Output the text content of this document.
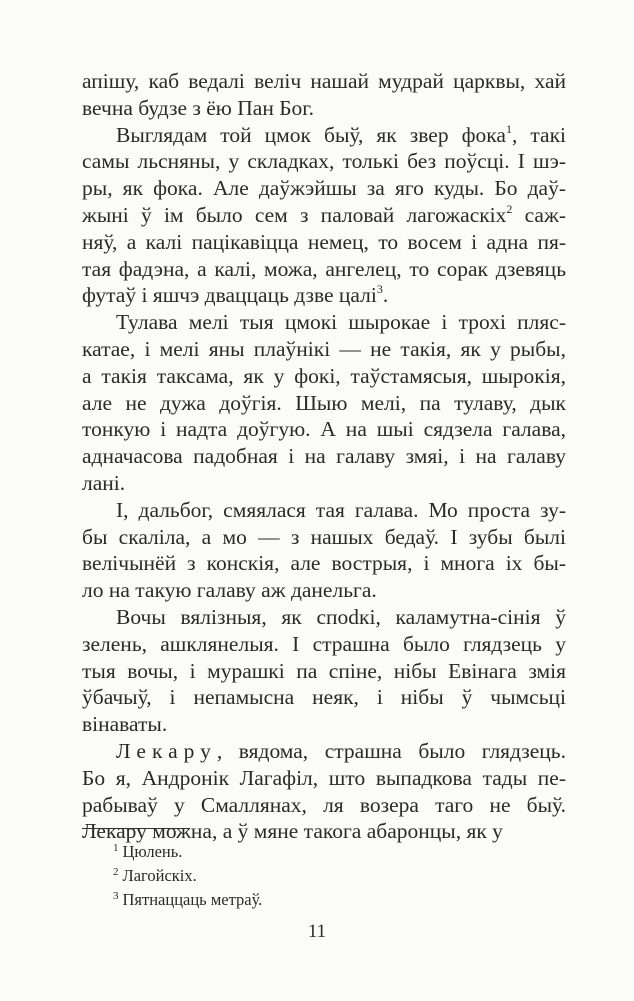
апішу, каб ведалі веліч нашай мудрай царквы, хай
вечна будзе з ёю Пан Бог.
Выглядам той цмок быў, як звер фока$^1$, такі
самы льсняны, у складках, толькі без поўсці. І шэ-
ры, як фока. Але даўжэйшы за яго куды. Бо даў-
жыні ў ім было сем з паловай лагожаскіх$^2$ саж-
няў, а калі пацікавіцца немец, то восем і адна пя-
тая фадэна, а калі, можа, ангелец, то сорак дзевяць
футаў і яшчэ дваццаць дзве цалі$^3$.
Тулава мелі тыя цмокі шырокае і трохі пляс-
катае, і мелі яны плаўнікі — не такія, як у рыбы,
а такія таксама, як у фокі, таўстамясыя, шырокія,
але не дужа доўгія. Шыю мелі, па тулаву, дык
тонкую і надта доўгую. А на шыі сядзела галава,
адначасова падобная і на галаву змяі, і на галаву
лані.
І, дальбог, смяялася тая галава. Мо проста зу-
бы скаліла, а мо — з нашых бедаў. І зубы былі
велічынёй з конскія, але вострыя, і многа іх бы-
ло на такую галаву аж данельга.
Вочы вялізныя, як спodкі, каламутна-сінія ў
зелень, ашклянелыя. І страшна было глядзець у
тыя вочы, і мурашкі па спіне, нібы Евінага змія
ўбачыў, і непамысна неяк, і нібы ў чымсьці
вінаваты.
Лекару, вядома, страшна было глядзець.
Бо я, Андронік Лагафіл, што выпадкова тады пе-
рабываў у Смаллянах, ля возера таго не быў.
Лекару можна, а ў мяне такога абаронцы, як у
$^1$ Цюлень.
$^2$ Лагойскіх.
$^3$ Пятнаццаць метраў.
11
